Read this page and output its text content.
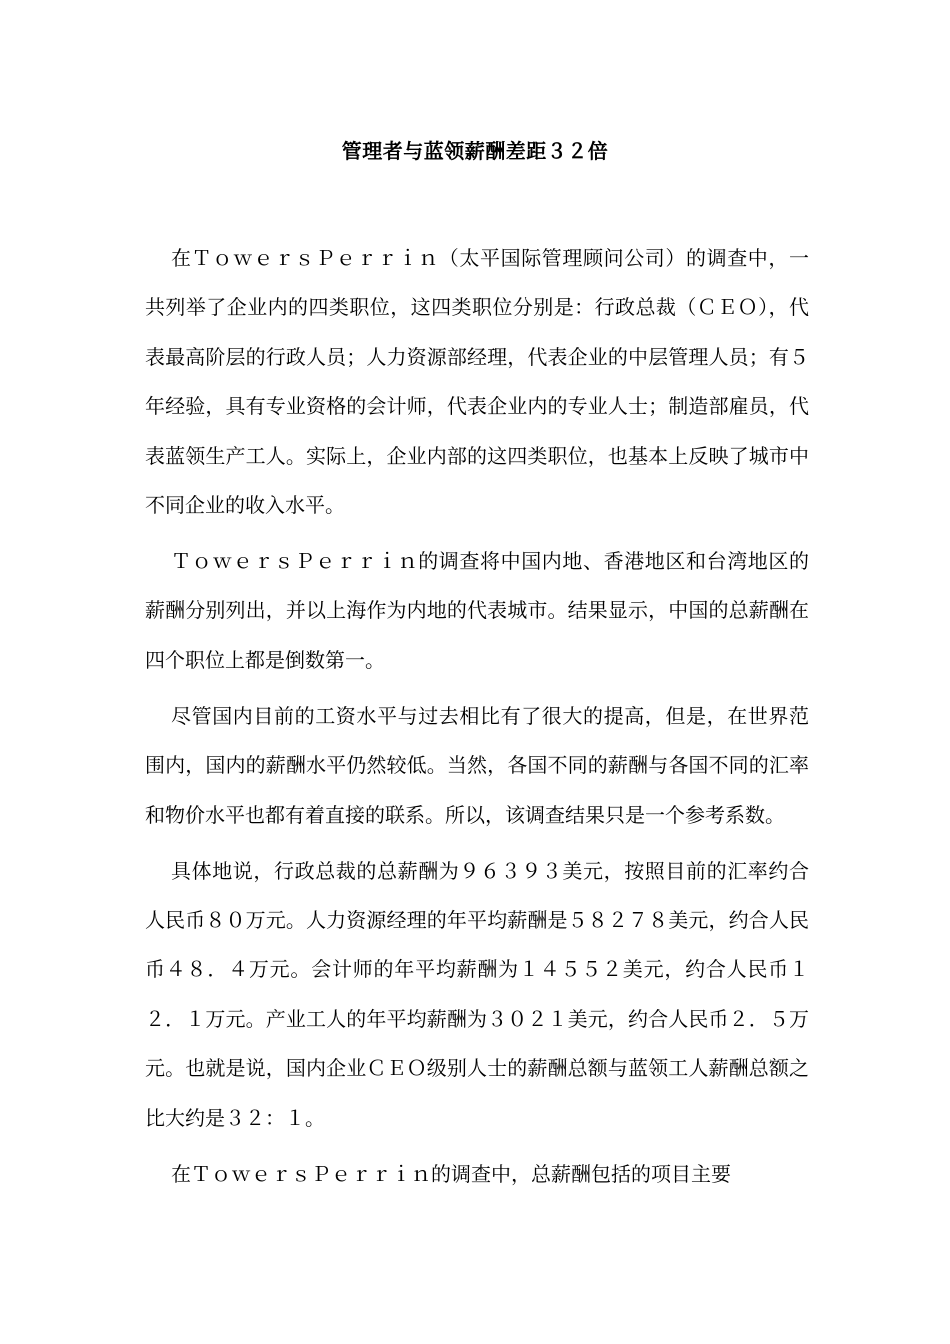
管理者与蓝领薪酬差距３２倍

在ＴｏｗｅｒｓＰｅｒｒｉｎ（太平国际管理顾问公司）的调查中，一共列举了企业内的四类职位，这四类职位分别是：行政总裁（ＣＥＯ），代表最高阶层的行政人员；人力资源部经理，代表企业的中层管理人员；有５年经验，具有专业资格的会计师，代表企业内的专业人士；制造部雇员，代表蓝领生产工人。实际上，企业内部的这四类职位，也基本上反映了城市中不同企业的收入水平。

ＴｏｗｅｒｓＰｅｒｒｉｎ的调查将中国内地、香港地区和台湾地区的薪酬分别列出，并以上海作为内地的代表城市。结果显示，中国的总薪酬在四个职位上都是倒数第一。

尽管国内目前的工资水平与过去相比有了很大的提高，但是，在世界范围内，国内的薪酬水平仍然较低。当然，各国不同的薪酬与各国不同的汇率和物价水平也都有着直接的联系。所以，该调查结果只是一个参考系数。

具体地说，行政总裁的总薪酬为９６３９３美元，按照目前的汇率约合人民币８０万元。人力资源经理的年平均薪酬是５８２７８美元，约合人民币４８．４万元。会计师的年平均薪酬为１４５５２美元，约合人民币１２．１万元。产业工人的年平均薪酬为３０２１美元，约合人民币２．５万元。也就是说，国内企业ＣＥＯ级别人士的薪酬总额与蓝领工人薪酬总额之比大约是３２：１。

在ＴｏｗｅｒｓＰｅｒｒｉｎ的调查中，总薪酬包括的项目主要
